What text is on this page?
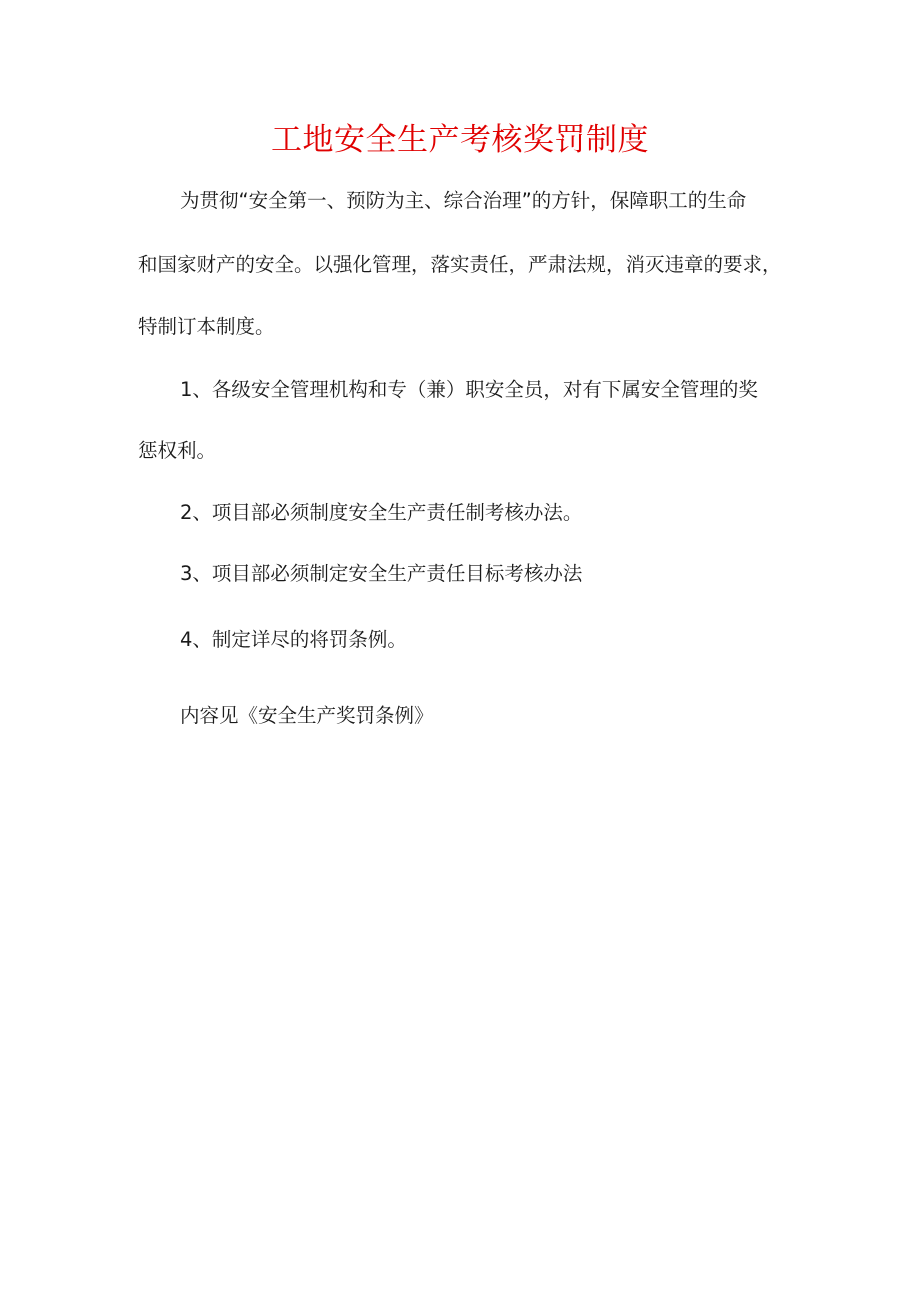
工地安全生产考核奖罚制度
为贯彻“安全第一、预防为主、综合治理”的方针，保障职工的生命
和国家财产的安全。以强化管理，落实责任，严肃法规，消灭违章的要求，
特制订本制度。
1、各级安全管理机构和专（兼）职安全员，对有下属安全管理的奖
惩权利。
2、项目部必须制度安全生产责任制考核办法。
3、项目部必须制定安全生产责任目标考核办法
4、制定详尽的将罚条例。
内容见《安全生产奖罚条例》
